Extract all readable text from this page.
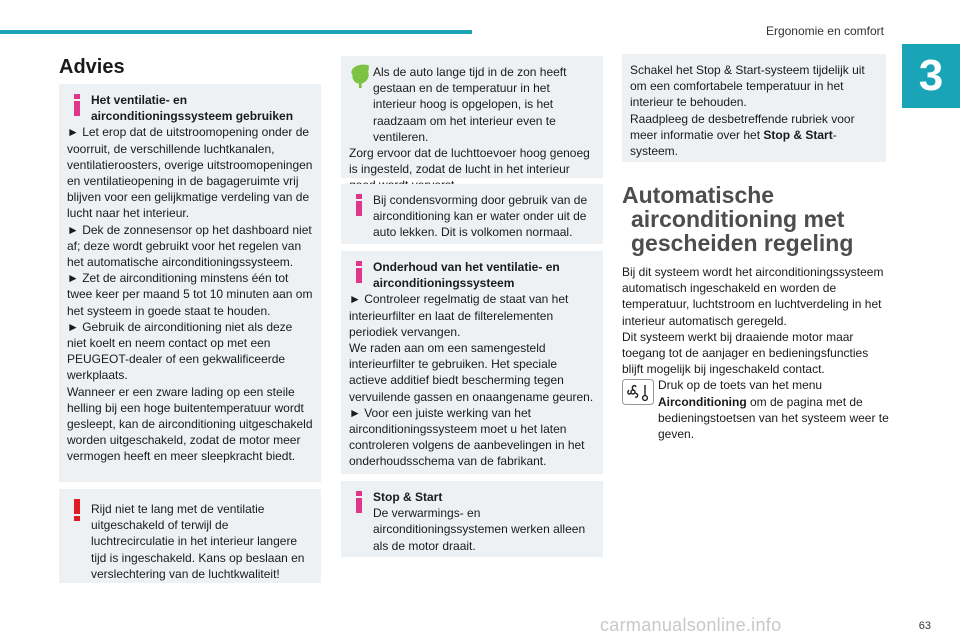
Ergonomie en comfort
3
Advies

Het ventilatie- en airconditioningssysteem gebruiken

► Let erop dat de uitstroomopening onder de voorruit, de verschillende luchtkanalen, ventilatieroosters, overige uitstroomopeningen en ventilatieopening in de bagageruimte vrij blijven voor een gelijkmatige verdeling van de lucht naar het interieur.

► Dek de zonnesensor op het dashboard niet af; deze wordt gebruikt voor het regelen van het automatische airconditioningssysteem.

► Zet de airconditioning minstens één tot twee keer per maand 5 tot 10 minuten aan om het systeem in goede staat te houden.

► Gebruik de airconditioning niet als deze niet koelt en neem contact op met een PEUGEOT-dealer of een gekwalificeerde werkplaats.

Wanneer er een zware lading op een steile helling bij een hoge buitentemperatuur wordt gesleept, kan de airconditioning uitgeschakeld worden uitgeschakeld, zodat de motor meer vermogen heeft en meer sleepkracht biedt.

Rijd niet te lang met de ventilatie uitgeschakeld of terwijl de luchtrecirculatie in het interieur langere tijd is ingeschakeld. Kans op beslaan en verslechtering van de luchtkwaliteit!

Als de auto lange tijd in de zon heeft gestaan en de temperatuur in het interieur hoog is opgelopen, is het raadzaam om het interieur even te ventileren.

Zorg ervoor dat de luchttoevoer hoog genoeg is ingesteld, zodat de lucht in het interieur

Bij condensvorming door gebruik van de airconditioning kan er water onder uit de auto lekken. Dit is volkomen normaal.

Onderhoud van het ventilatie- en airconditioningssysteem

► Controleer regelmatig de staat van het interieurfilter en laat de filterelementen periodiek vervangen.

We raden aan om een samengesteld interieurfilter te gebruiken. Het speciale actieve additief biedt bescherming tegen vervuilende gassen en onaangename geuren.

► Voor een juiste werking van het airconditioningssysteem moet u het laten controleren volgens de aanbevelingen in het onderhoudsschema van de fabrikant.

Stop & Start

De verwarmings- en airconditioningssystemen werken alleen als de motor draait.

Schakel het Stop & Start-systeem tijdelijk uit om een comfortabele temperatuur in het interieur te behouden.

Raadpleeg de desbetreffende rubriek voor meer informatie over het Stop & Start-systeem.

Automatische
airconditioning met
gescheiden regeling

Bij dit systeem wordt het airconditioningssysteem automatisch ingeschakeld en worden de temperatuur, luchtstroom en luchtverdeling in het interieur automatisch geregeld.

Dit systeem werkt bij draaiende motor maar toegang tot de aanjager en bedieningsfuncties blijft mogelijk bij ingeschakeld contact.

Druk op de toets van het menu Airconditioning om de pagina met de bedieningstoetsen van het systeem weer te geven.
carmanualsonline.info	63
